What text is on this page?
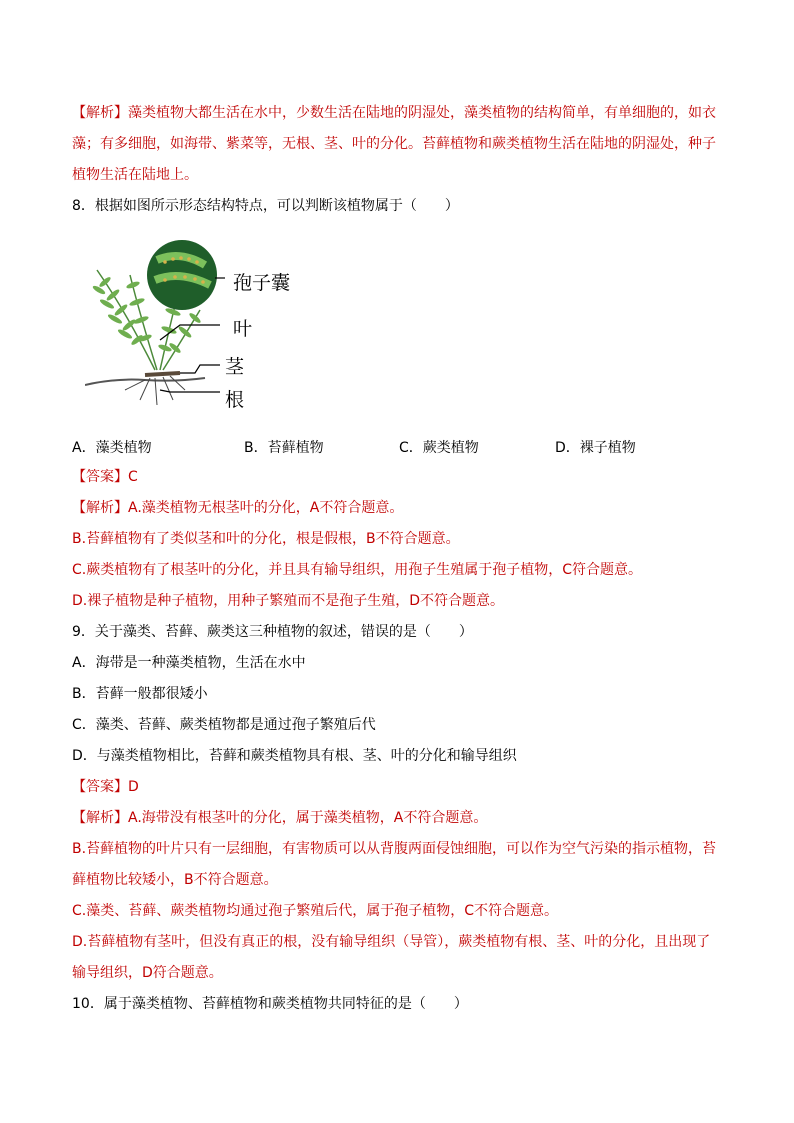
【解析】藻类植物大都生活在水中，少数生活在陆地的阴湿处，藻类植物的结构简单，有单细胞的，如衣
藻；有多细胞，如海带、紫菜等，无根、茎、叶的分化。苔藓植物和蕨类植物生活在陆地的阴湿处，种子
植物生活在陆地上。
8．根据如图所示形态结构特点，可以判断该植物属于（　　）
孢子囊
叶
茎
根
A．藻类植物	B．苔藓植物	C．蕨类植物	D．裸子植物
【答案】C
【解析】A.藻类植物无根茎叶的分化，A不符合题意。
B.苔藓植物有了类似茎和叶的分化，根是假根，B不符合题意。
C.蕨类植物有了根茎叶的分化，并且具有输导组织，用孢子生殖属于孢子植物，C符合题意。
D.裸子植物是种子植物，用种子繁殖而不是孢子生殖，D不符合题意。
9．关于藻类、苔藓、蕨类这三种植物的叙述，错误的是（　　）
A．海带是一种藻类植物，生活在水中
B．苔藓一般都很矮小
C．藻类、苔藓、蕨类植物都是通过孢子繁殖后代
D．与藻类植物相比，苔藓和蕨类植物具有根、茎、叶的分化和输导组织
【答案】D
【解析】A.海带没有根茎叶的分化，属于藻类植物，A不符合题意。
B.苔藓植物的叶片只有一层细胞，有害物质可以从背腹两面侵蚀细胞，可以作为空气污染的指示植物，苔
藓植物比较矮小，B不符合题意。
C.藻类、苔藓、蕨类植物均通过孢子繁殖后代，属于孢子植物，C不符合题意。
D.苔藓植物有茎叶，但没有真正的根，没有输导组织（导管），蕨类植物有根、茎、叶的分化，且出现了
输导组织，D符合题意。
10．属于藻类植物、苔藓植物和蕨类植物共同特征的是（　　）
